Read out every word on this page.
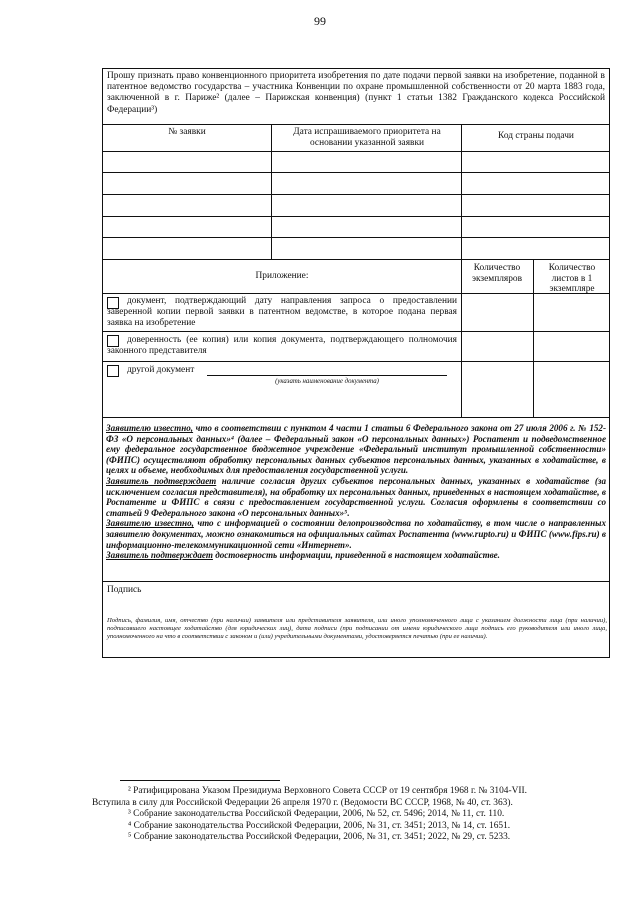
99
Прошу признать право конвенционного приоритета изобретения по дате подачи первой заявки на изобретение, поданной в патентное ведомство государства – участника Конвенции по охране промышленной собственности от 20 марта 1883 года, заключенной в г. Париже² (далее – Парижская конвенция) (пункт 1 статьи 1382 Гражданского кодекса Российской Федерации³)
№ заявки	Дата испрашиваемого приоритета на основании указанной заявки
Код страны подачи
Приложение:
Количество экземпляров
Количество листов в 1 экземпляре
документ, подтверждающий дату направления запроса о предоставлении заверенной копии первой заявки в патентном ведомстве, в которое подана первая заявка на изобретение
доверенность (ее копия) или копия документа, подтверждающего полномочия законного представителя
другой документ
(указать наименование документа)

Заявителю известно, что в соответствии с пунктом 4 части 1 статьи 6 Федерального закона от 27 июля 2006 г. № 152-ФЗ «О персональных данных»⁴ (далее – Федеральный закон «О персональных данных») Роспатент и подведомственное ему федеральное государственное бюджетное учреждение «Федеральный институт промышленной собственности» (ФИПС) осуществляют обработку персональных данных субъектов персональных данных, указанных в ходатайстве, в целях и объеме, необходимых для предоставления государственной услуги.

Заявитель подтверждает наличие согласия других субъектов персональных данных, указанных в ходатайстве (за исключением согласия представителя), на обработку их персональных данных, приведенных в настоящем ходатайстве, в Роспатенте и ФИПС в связи с предоставлением государственной услуги. Согласия оформлены в соответствии со статьей 9 Федерального закона «О персональных данных»⁵.

Заявителю известно, что с информацией о состоянии делопроизводства по ходатайству, в том числе о направленных заявителю документах, можно ознакомиться на официальных сайтах Роспатента (www.rupto.ru) и ФИПС (www.fips.ru) в информационно-телекоммуникационной сети «Интернет».

Заявитель подтверждает достоверность информации, приведенной в настоящем ходатайстве.

Подпись
Подпись, фамилия, имя, отчество (при наличии) заявителя или представителя заявителя, или иного уполномоченного лица с указанием должности лица (при наличии), подписавшего настоящее ходатайство (для юридических лиц), дата подписи (при подписании от имени юридического лица подпись его руководителя или иного лица, уполномоченного на что в соответствии с законом и (или) учредительными документами, удостоверяется печатью (при ее наличии).

² Ратифицирована Указом Президиума Верховного Совета СССР от 19 сентября 1968 г. № 3104-VII.

Вступила в силу для Российской Федерации 26 апреля 1970 г. (Ведомости ВС СССР, 1968, № 40, ст. 363).

³ Собрание законодательства Российской Федерации, 2006, № 52, ст. 5496; 2014, № 11, ст. 110.

⁴ Собрание законодательства Российской Федерации, 2006, № 31, ст. 3451; 2013, № 14, ст. 1651.

⁵ Собрание законодательства Российской Федерации, 2006, № 31, ст. 3451; 2022, № 29, ст. 5233.
